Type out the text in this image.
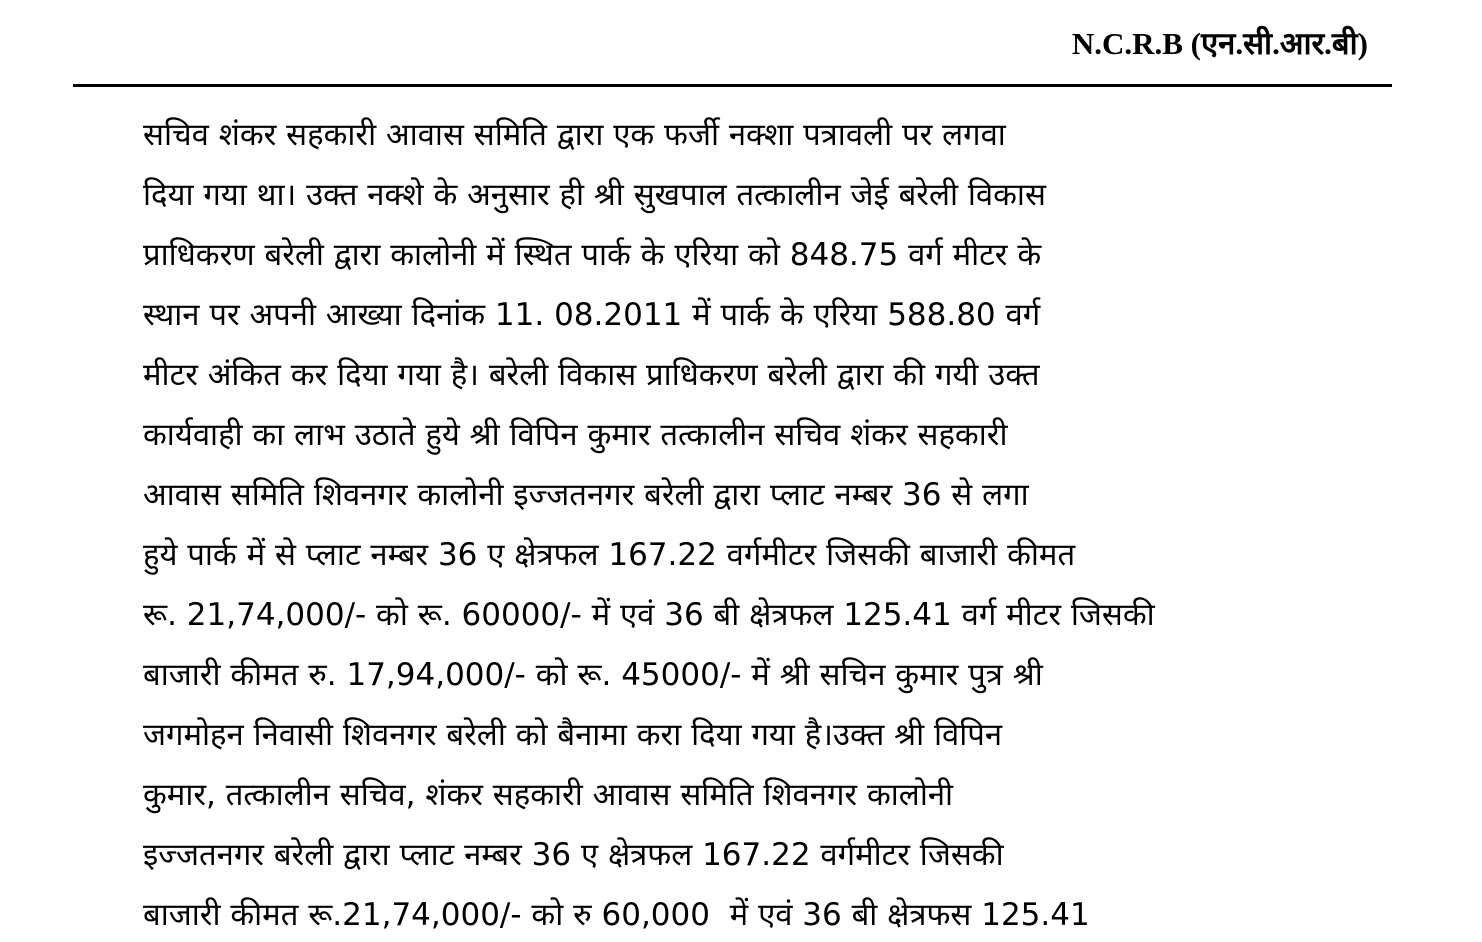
N.C.R.B (एन.सी.आर.बी)
सचिव शंकर सहकारी आवास समिति द्वारा एक फर्जी नक्शा पत्रावली पर लगवा
दिया गया था। उक्त नक्शे के अनुसार ही श्री सुखपाल तत्कालीन जेई बरेली विकास
प्राधिकरण बरेली द्वारा कालोनी में स्थित पार्क के एरिया को 848.75 वर्ग मीटर के
स्थान पर अपनी आख्या दिनांक 11. 08.2011 में पार्क के एरिया 588.80 वर्ग
मीटर अंकित कर दिया गया है। बरेली विकास प्राधिकरण बरेली द्वारा की गयी उक्त
कार्यवाही का लाभ उठाते हुये श्री विपिन कुमार तत्कालीन सचिव शंकर सहकारी
आवास समिति शिवनगर कालोनी इज्जतनगर बरेली द्वारा प्लाट नम्बर 36 से लगा
हुये पार्क में से प्लाट नम्बर 36 ए क्षेत्रफल 167.22 वर्गमीटर जिसकी बाजारी कीमत
रू. 21,74,000/- को रू. 60000/- में एवं 36 बी क्षेत्रफल 125.41 वर्ग मीटर जिसकी
बाजारी कीमत रु. 17,94,000/- को रू. 45000/- में श्री सचिन कुमार पुत्र श्री
जगमोहन निवासी शिवनगर बरेली को बैनामा करा दिया गया है।उक्त श्री विपिन
कुमार, तत्कालीन सचिव, शंकर सहकारी आवास समिति शिवनगर कालोनी
इज्जतनगर बरेली द्वारा प्लाट नम्बर 36 ए क्षेत्रफल 167.22 वर्गमीटर जिसकी
बाजारी कीमत रू.21,74,000/- को रु 60,000  में एवं 36 बी क्षेत्रफस 125.41
